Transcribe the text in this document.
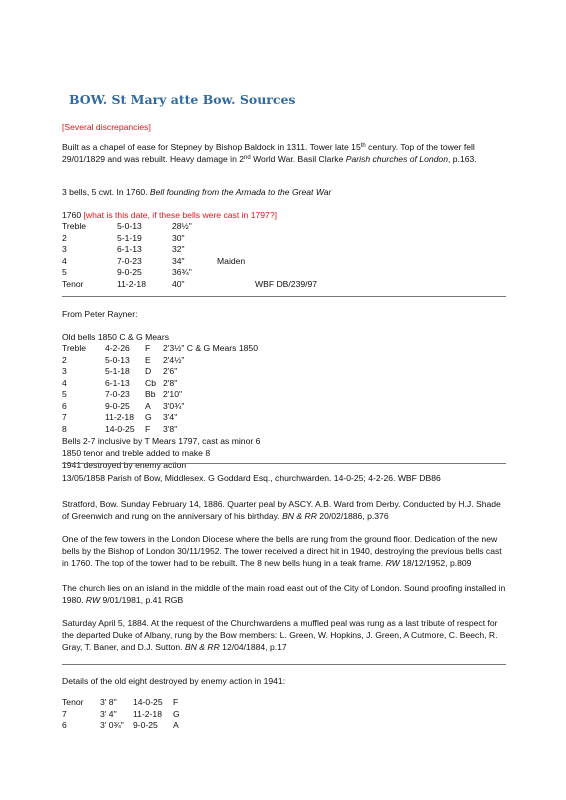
BOW. St Mary atte Bow. Sources

[Several discrepancies]

Built as a chapel of ease for Stepney by Bishop Baldock in 1311. Tower late 15th century. Top of the tower fell 29/01/1829 and was rebuilt. Heavy damage in 2nd World War. Basil Clarke Parish churches of London, p.163.

3 bells, 5 cwt. In 1760. Bell founding from the Armada to the Great War

1760 [what is this date, if these bells were cast in 1797?]
Treble	5-0-13	28½"	
2	5-1-19	30"	
3	6-1-13	32"	
4	7-0-23	34"	Maiden
5	9-0-25	36¾"	
Tenor	11-2-18	40"	WBF DB/239/97

From Peter Rayner:

Old bells 1850 C & G Mears
Treble	4-2-26	F	2'3½" C & G Mears 1850
2	5-0-13	E	2'4½"
3	5-1-18	D	2'6"
4	6-1-13	Cb	2'8"
5	7-0-23	Bb	2'10"
6	9-0-25	A	3'0¾"
7	11-2-18	G	3'4"
8	14-0-25	F	3'8"
Bells 2-7 inclusive by T Mears 1797, cast as minor 6
1850 tenor and treble added to make 8
1941 destroyed by enemy action

13/05/1858 Parish of Bow, Middlesex. G Goddard Esq., churchwarden. 14-0-25; 4-2-26. WBF DB86

Stratford, Bow. Sunday February 14, 1886. Quarter peal by ASCY. A.B. Ward from Derby. Conducted by H.J. Shade of Greenwich and rung on the anniversary of his birthday. BN & RR 20/02/1886, p.376

One of the few towers in the London Diocese where the bells are rung from the ground floor. Dedication of the new bells by the Bishop of London 30/11/1952. The tower received a direct hit in 1940, destroying the previous bells cast in 1760. The top of the tower had to be rebuilt. The 8 new bells hung in a teak frame. RW 18/12/1952, p.809

The church lies on an island in the middle of the main road east out of the City of London. Sound proofing installed in 1980. RW 9/01/1981, p.41 RGB

Saturday April 5, 1884. At the request of the Churchwardens a muffled peal was rung as a last tribute of respect for the departed Duke of Albany, rung by the Bow members: L. Green, W. Hopkins, J. Green, A Cutmore, C. Beech, R. Gray, T. Baner, and D.J. Sutton. BN & RR 12/04/1884, p.17

Details of the old eight destroyed by enemy action in 1941:

Tenor	3' 8"	14-0-25	F
7	3' 4"	11-2-18	G
6	3' 0¾"	9-0-25	A
